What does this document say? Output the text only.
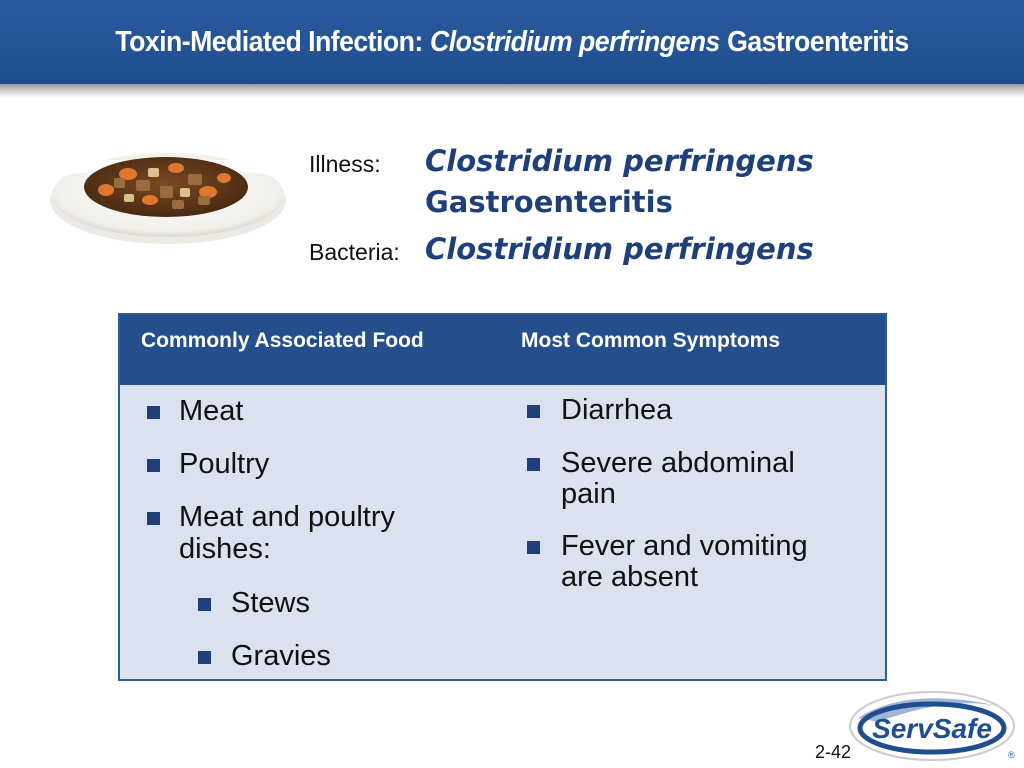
Toxin-Mediated Infection: Clostridium perfringens Gastroenteritis
Illness: Clostridium perfringens
Gastroenteritis
Bacteria: Clostridium perfringens
Commonly Associated Food	Most Common Symptoms
Meat
Poultry
Meat and poultry
dishes:
Stews
Gravies
Diarrhea
Severe abdominal
pain
Fever and vomiting
are absent
2-42
ServSafe
®
